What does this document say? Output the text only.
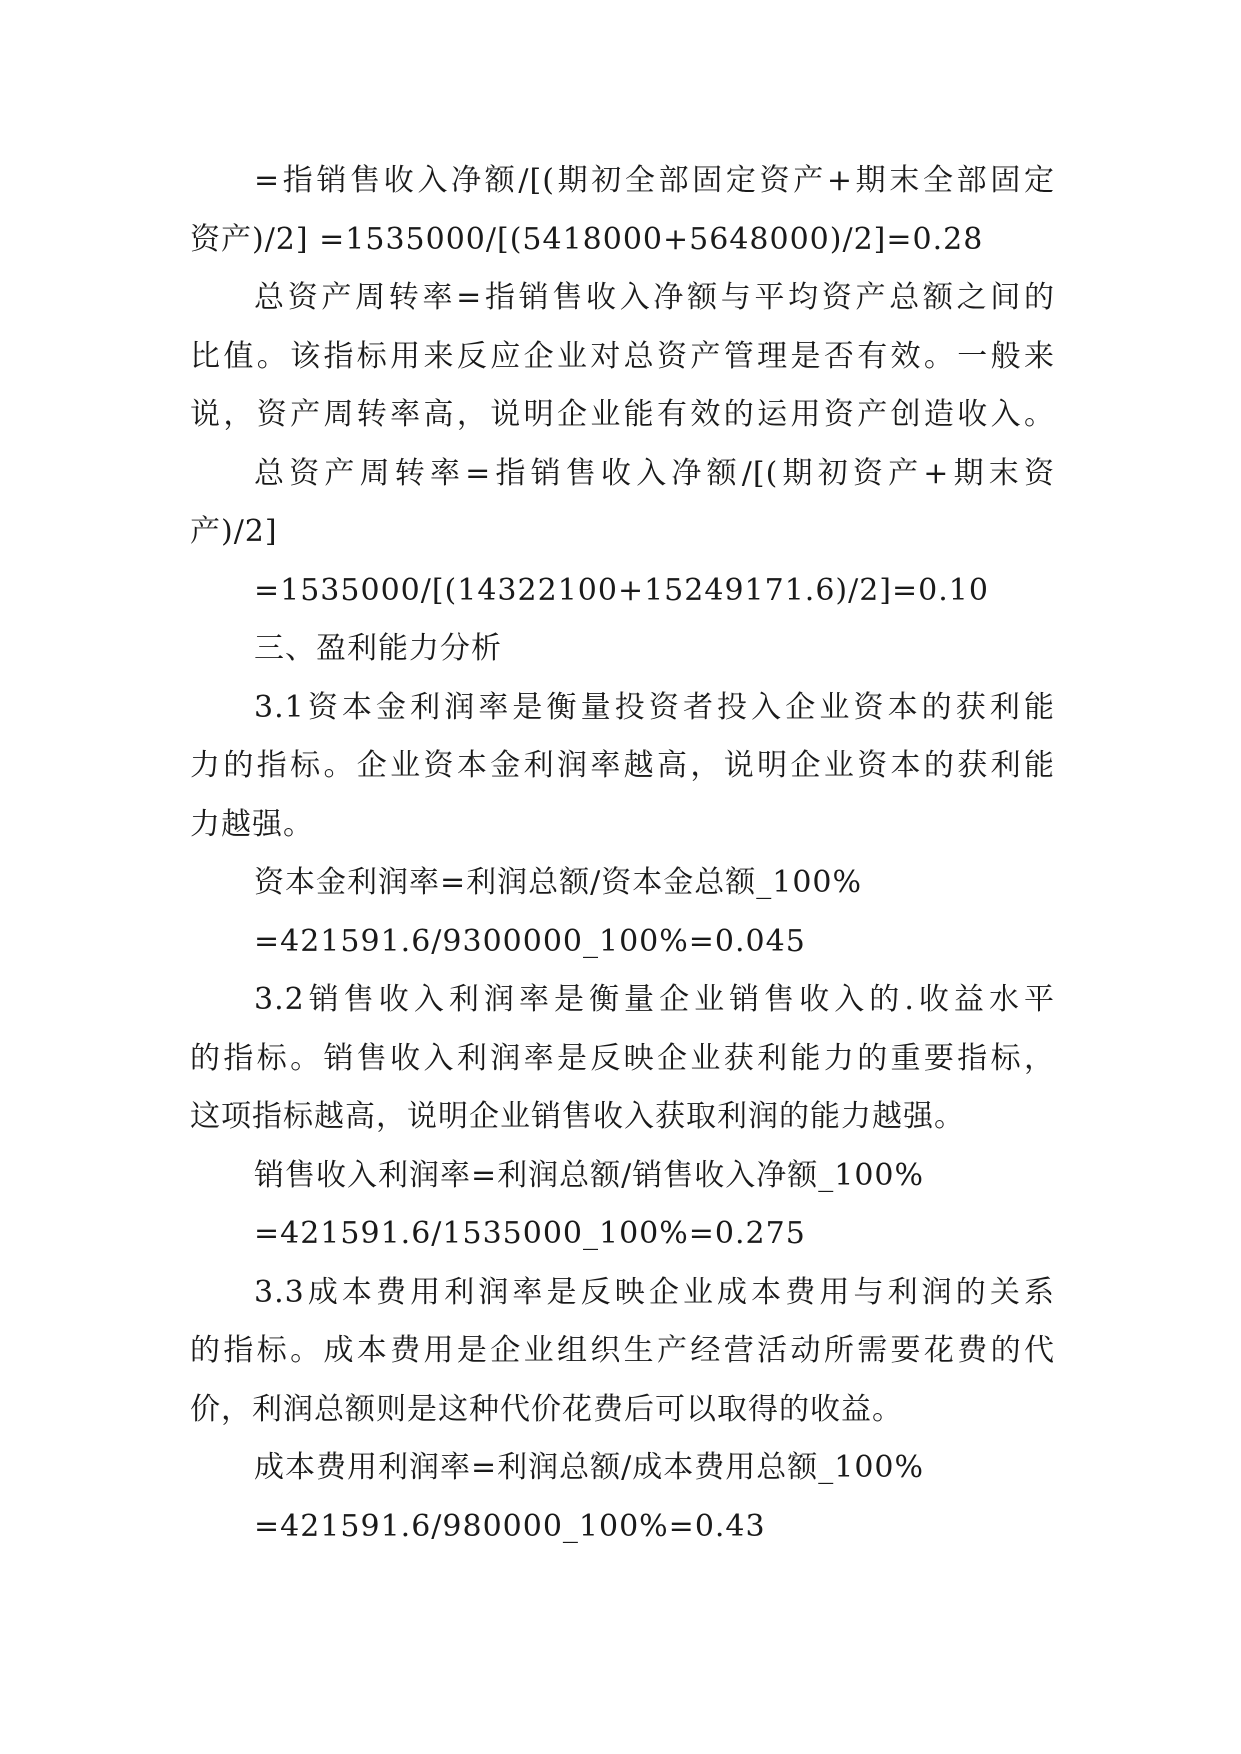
=指销售收入净额/[(期初全部固定资产+期末全部固定
资产)/2] =1535000/[(5418000+5648000)/2]=0.28
总资产周转率=指销售收入净额与平均资产总额之间的
比值。该指标用来反应企业对总资产管理是否有效。一般来
说，资产周转率高，说明企业能有效的运用资产创造收入。
总资产周转率=指销售收入净额/[(期初资产+期末资
产)/2]
=1535000/[(14322100+15249171.6)/2]=0.10
三、盈利能力分析
3.1资本金利润率是衡量投资者投入企业资本的获利能
力的指标。企业资本金利润率越高，说明企业资本的获利能
力越强。
资本金利润率=利润总额/资本金总额_100%
=421591.6/9300000_100%=0.045
3.2销售收入利润率是衡量企业销售收入的.收益水平
的指标。销售收入利润率是反映企业获利能力的重要指标，
这项指标越高，说明企业销售收入获取利润的能力越强。
销售收入利润率=利润总额/销售收入净额_100%
=421591.6/1535000_100%=0.275
3.3成本费用利润率是反映企业成本费用与利润的关系
的指标。成本费用是企业组织生产经营活动所需要花费的代
价，利润总额则是这种代价花费后可以取得的收益。
成本费用利润率=利润总额/成本费用总额_100%
=421591.6/980000_100%=0.43
